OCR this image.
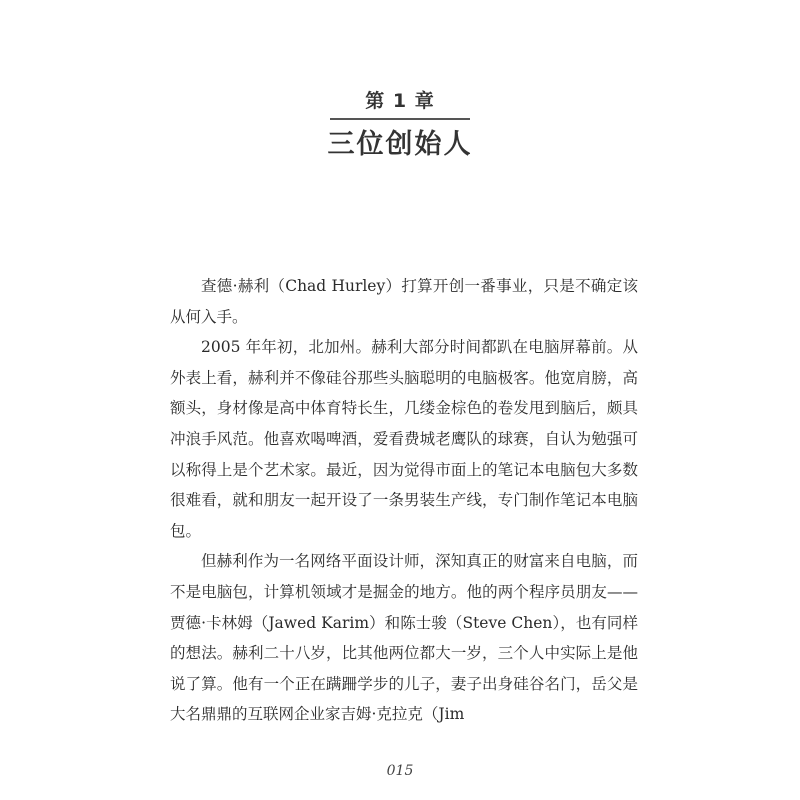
第 1 章
三位创始人

查德·赫利（Chad Hurley）打算开创一番事业，只是不确定该从何入手。

2005 年年初，北加州。赫利大部分时间都趴在电脑屏幕前。从外表上看，赫利并不像硅谷那些头脑聪明的电脑极客。他宽肩膀，高额头，身材像是高中体育特长生，几缕金棕色的卷发甩到脑后，颇具冲浪手风范。他喜欢喝啤酒，爱看费城老鹰队的球赛，自认为勉强可以称得上是个艺术家。最近，因为觉得市面上的笔记本电脑包大多数很难看，就和朋友一起开设了一条男装生产线，专门制作笔记本电脑包。

但赫利作为一名网络平面设计师，深知真正的财富来自电脑，而不是电脑包，计算机领域才是掘金的地方。他的两个程序员朋友——贾德·卡林姆（Jawed Karim）和陈士骏（Steve Chen），也有同样的想法。赫利二十八岁，比其他两位都大一岁，三个人中实际上是他说了算。他有一个正在蹒跚学步的儿子，妻子出身硅谷名门，岳父是大名鼎鼎的互联网企业家吉姆·克拉克（Jim

015
